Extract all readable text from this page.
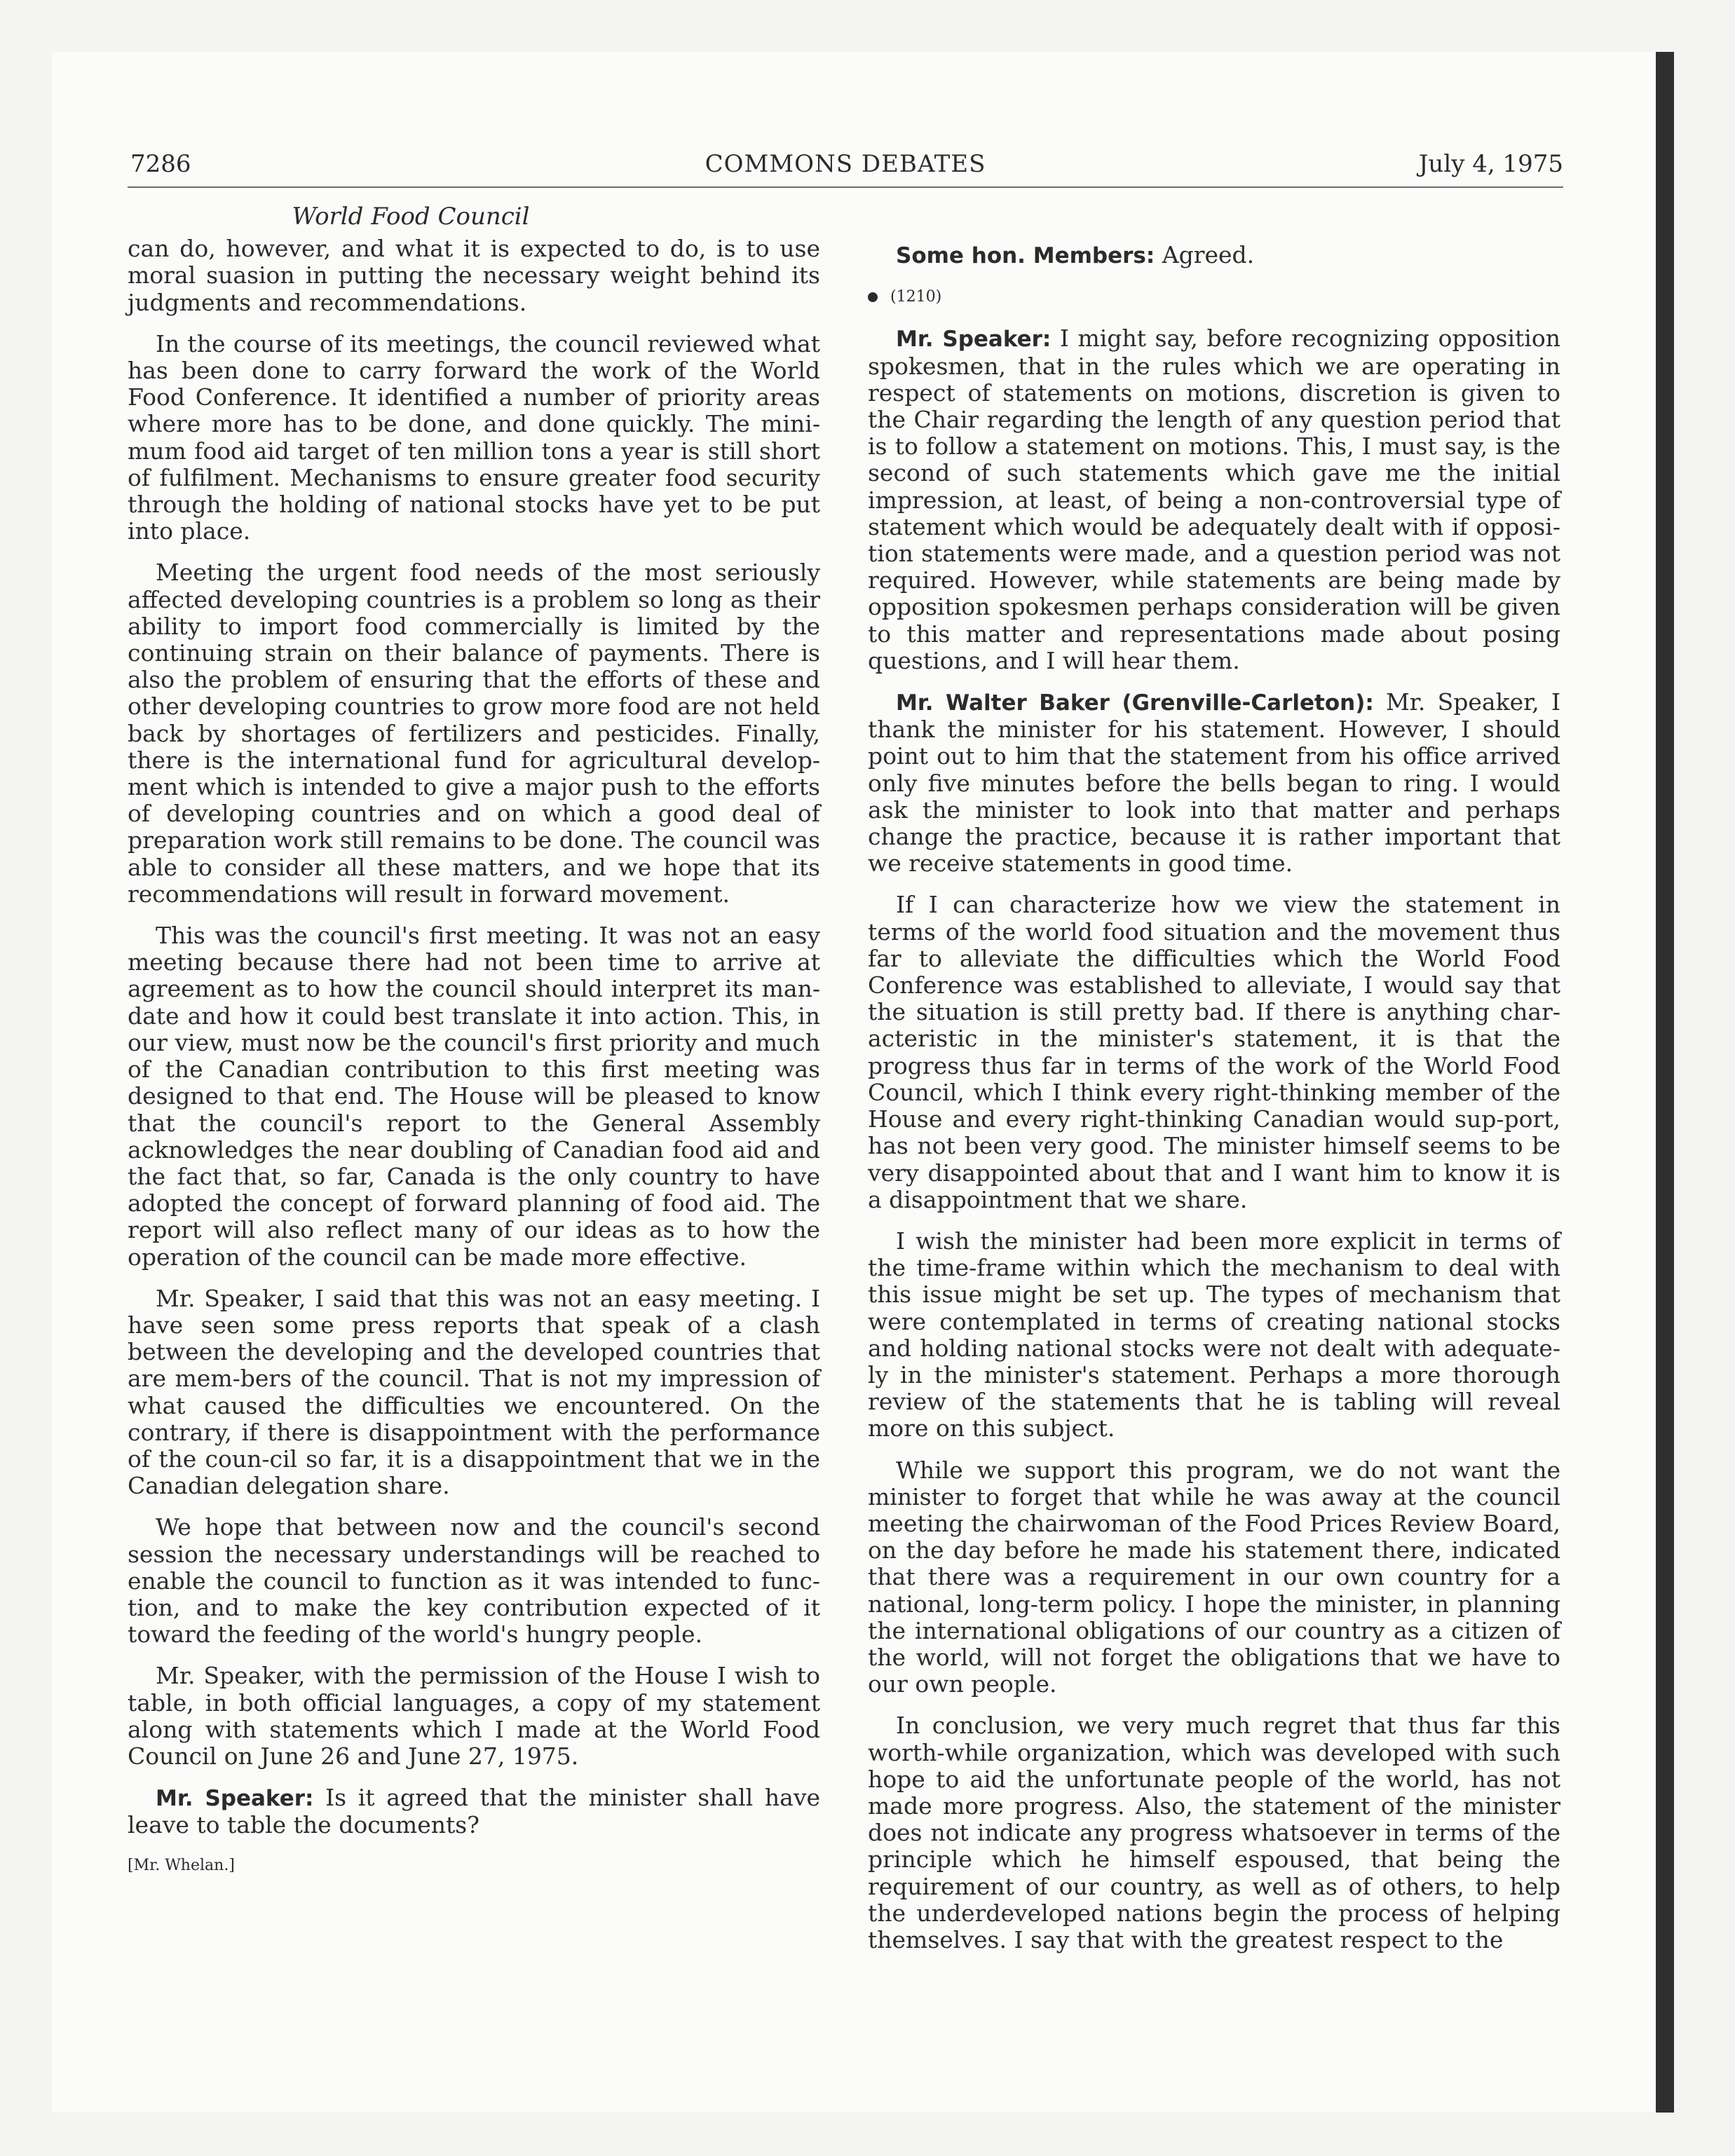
7286	COMMONS DEBATES	July 4, 1975
World Food Council

can do, however, and what it is expected to do, is to use moral suasion in putting the necessary weight behind its judgments and recommendations.

In the course of its meetings, the council reviewed what has been done to carry forward the work of the World Food Conference. It identified a number of priority areas where more has to be done, and done quickly. The mini-mum food aid target of ten million tons a year is still short of fulfilment. Mechanisms to ensure greater food security through the holding of national stocks have yet to be put into place.

Meeting the urgent food needs of the most seriously affected developing countries is a problem so long as their ability to import food commercially is limited by the continuing strain on their balance of payments. There is also the problem of ensuring that the efforts of these and other developing countries to grow more food are not held back by shortages of fertilizers and pesticides. Finally, there is the international fund for agricultural develop-ment which is intended to give a major push to the efforts of developing countries and on which a good deal of preparation work still remains to be done. The council was able to consider all these matters, and we hope that its recommendations will result in forward movement.

This was the council's first meeting. It was not an easy meeting because there had not been time to arrive at agreement as to how the council should interpret its man-date and how it could best translate it into action. This, in our view, must now be the council's first priority and much of the Canadian contribution to this first meeting was designed to that end. The House will be pleased to know that the council's report to the General Assembly acknowledges the near doubling of Canadian food aid and the fact that, so far, Canada is the only country to have adopted the concept of forward planning of food aid. The report will also reflect many of our ideas as to how the operation of the council can be made more effective.

Mr. Speaker, I said that this was not an easy meeting. I have seen some press reports that speak of a clash between the developing and the developed countries that are mem-bers of the council. That is not my impression of what caused the difficulties we encountered. On the contrary, if there is disappointment with the performance of the coun-cil so far, it is a disappointment that we in the Canadian delegation share.

We hope that between now and the council's second session the necessary understandings will be reached to enable the council to function as it was intended to func-tion, and to make the key contribution expected of it toward the feeding of the world's hungry people.

Mr. Speaker, with the permission of the House I wish to table, in both official languages, a copy of my statement along with statements which I made at the World Food Council on June 26 and June 27, 1975.

Mr. Speaker: Is it agreed that the minister shall have leave to table the documents?

[Mr. Whelan.]

Some hon. Members: Agreed.

(1210)

Mr. Speaker: I might say, before recognizing opposition spokesmen, that in the rules which we are operating in respect of statements on motions, discretion is given to the Chair regarding the length of any question period that is to follow a statement on motions. This, I must say, is the second of such statements which gave me the initial impression, at least, of being a non-controversial type of statement which would be adequately dealt with if opposi-tion statements were made, and a question period was not required. However, while statements are being made by opposition spokesmen perhaps consideration will be given to this matter and representations made about posing questions, and I will hear them.

Mr. Walter Baker (Grenville-Carleton): Mr. Speaker, I thank the minister for his statement. However, I should point out to him that the statement from his office arrived only five minutes before the bells began to ring. I would ask the minister to look into that matter and perhaps change the practice, because it is rather important that we receive statements in good time.

If I can characterize how we view the statement in terms of the world food situation and the movement thus far to alleviate the difficulties which the World Food Conference was established to alleviate, I would say that the situation is still pretty bad. If there is anything char-acteristic in the minister's statement, it is that the progress thus far in terms of the work of the World Food Council, which I think every right-thinking member of the House and every right-thinking Canadian would sup-port, has not been very good. The minister himself seems to be very disappointed about that and I want him to know it is a disappointment that we share.

I wish the minister had been more explicit in terms of the time-frame within which the mechanism to deal with this issue might be set up. The types of mechanism that were contemplated in terms of creating national stocks and holding national stocks were not dealt with adequate-ly in the minister's statement. Perhaps a more thorough review of the statements that he is tabling will reveal more on this subject.

While we support this program, we do not want the minister to forget that while he was away at the council meeting the chairwoman of the Food Prices Review Board, on the day before he made his statement there, indicated that there was a requirement in our own country for a national, long-term policy. I hope the minister, in planning the international obligations of our country as a citizen of the world, will not forget the obligations that we have to our own people.

In conclusion, we very much regret that thus far this worth-while organization, which was developed with such hope to aid the unfortunate people of the world, has not made more progress. Also, the statement of the minister does not indicate any progress whatsoever in terms of the principle which he himself espoused, that being the requirement of our country, as well as of others, to help the underdeveloped nations begin the process of helping themselves. I say that with the greatest respect to the
